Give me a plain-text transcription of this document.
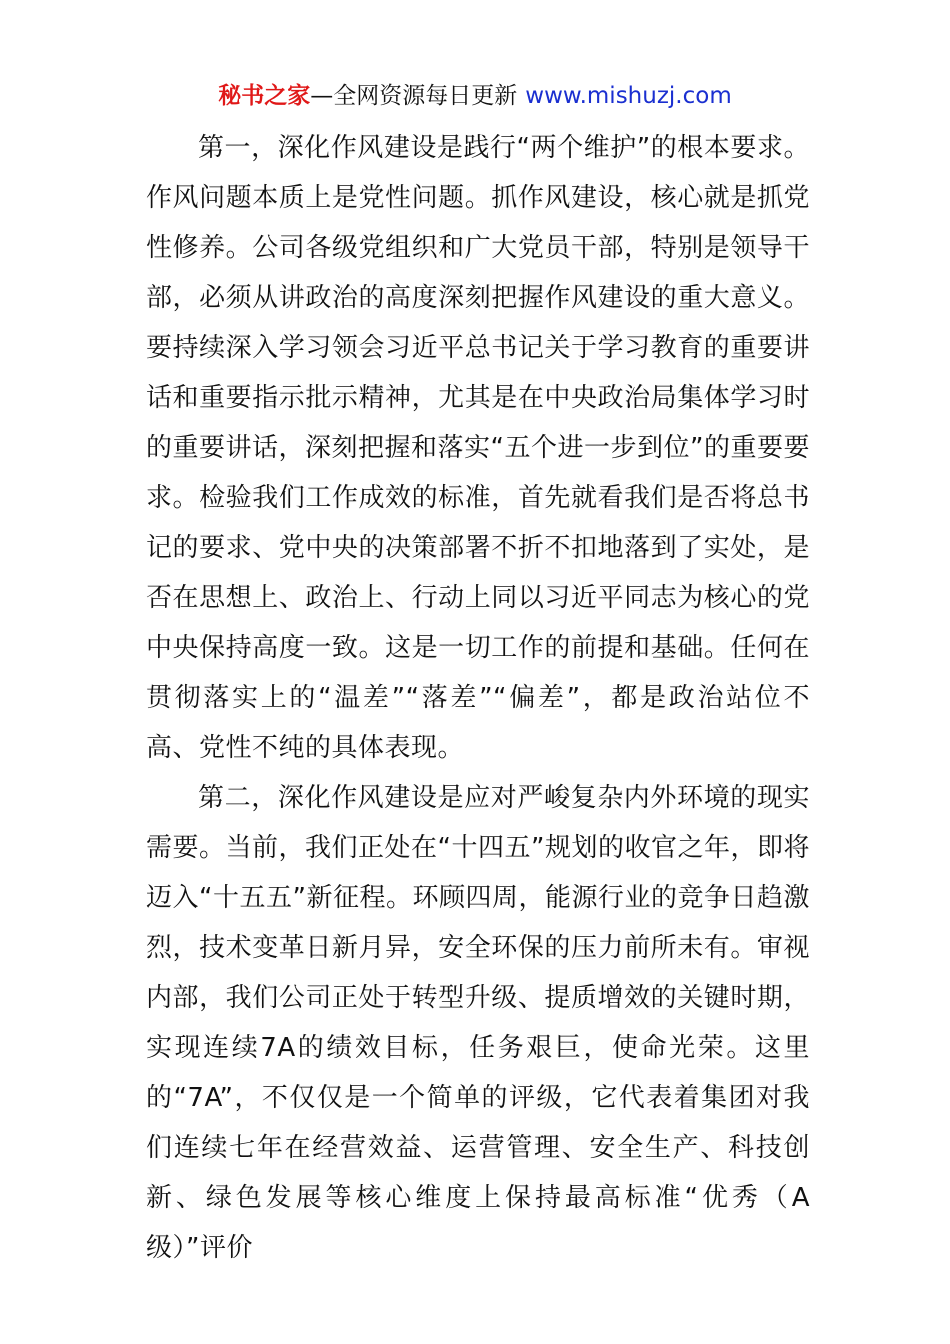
秘书之家—全网资源每日更新 www.mishuzj.com

第一，深化作风建设是践行“两个维护”的根本要求。作风问题本质上是党性问题。抓作风建设，核心就是抓党性修养。公司各级党组织和广大党员干部，特别是领导干部，必须从讲政治的高度深刻把握作风建设的重大意义。要持续深入学习领会习近平总书记关于学习教育的重要讲话和重要指示批示精神，尤其是在中央政治局集体学习时的重要讲话，深刻把握和落实“五个进一步到位”的重要要求。检验我们工作成效的标准，首先就看我们是否将总书记的要求、党中央的决策部署不折不扣地落到了实处，是否在思想上、政治上、行动上同以习近平同志为核心的党中央保持高度一致。这是一切工作的前提和基础。任何在贯彻落实上的“温差”“落差”“偏差”，都是政治站位不高、党性不纯的具体表现。

第二，深化作风建设是应对严峻复杂内外环境的现实需要。当前，我们正处在“十四五”规划的收官之年，即将迈入“十五五”新征程。环顾四周，能源行业的竞争日趋激烈，技术变革日新月异，安全环保的压力前所未有。审视内部，我们公司正处于转型升级、提质增效的关键时期，实现连续7A的绩效目标，任务艰巨，使命光荣。这里的“7A”，不仅仅是一个简单的评级，它代表着集团对我们连续七年在经营效益、运营管理、安全生产、科技创新、绿色发展等核心维度上保持最高标准“优秀（A级）”评价
